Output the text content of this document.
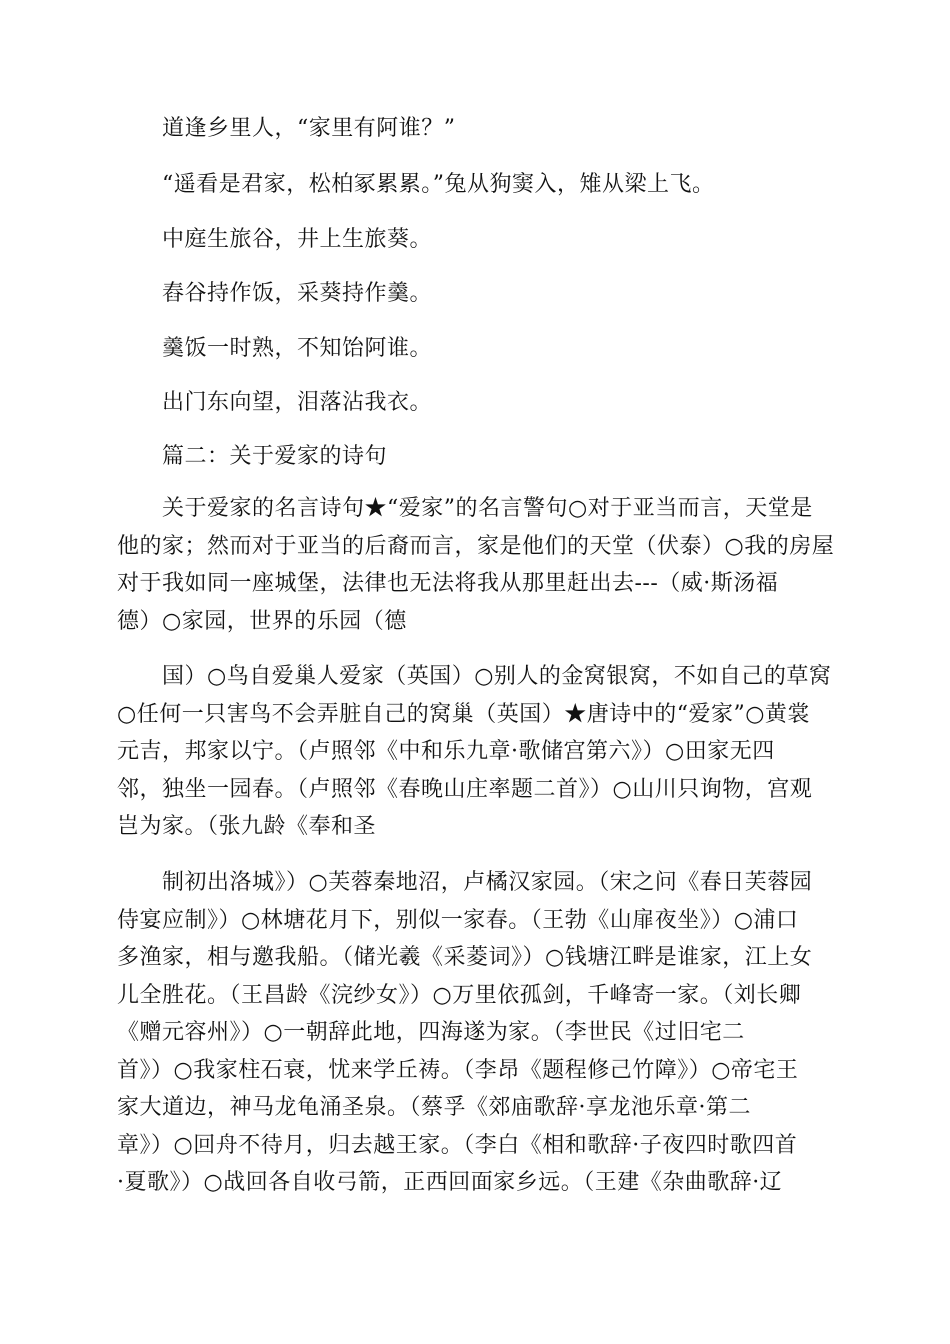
道逢乡里人，“家里有阿谁？”
“遥看是君家，松柏冢累累。”兔从狗窦入，雉从梁上飞。
中庭生旅谷，井上生旅葵。
舂谷持作饭，采葵持作羹。
羹饭一时熟，不知饴阿谁。
出门东向望，泪落沾我衣。
篇二：关于爱家的诗句
关于爱家的名言诗句★“爱家”的名言警句○对于亚当而言，天堂是
他的家；然而对于亚当的后裔而言，家是他们的天堂（伏泰）○我的房屋
对于我如同一座城堡，法律也无法将我从那里赶出去---（威·斯汤福
德）○家园，世界的乐园（德
国）○鸟自爱巢人爱家（英国）○别人的金窝银窝，不如自己的草窝
○任何一只害鸟不会弄脏自己的窝巢（英国）★唐诗中的“爱家”○黄裳
元吉，邦家以宁。（卢照邻《中和乐九章·歌储宫第六》）○田家无四
邻，独坐一园春。（卢照邻《春晚山庄率题二首》）○山川只询物，宫观
岂为家。（张九龄《奉和圣
制初出洛城》）○芙蓉秦地沼，卢橘汉家园。（宋之问《春日芙蓉园
侍宴应制》）○林塘花月下，别似一家春。（王勃《山扉夜坐》）○浦口
多渔家，相与邀我船。（储光羲《采菱词》）○钱塘江畔是谁家，江上女
儿全胜花。（王昌龄《浣纱女》）○万里依孤剑，千峰寄一家。（刘长卿
《赠元容州》）○一朝辞此地，四海遂为家。（李世民《过旧宅二
首》）○我家柱石衰，忧来学丘祷。（李昂《题程修己竹障》）○帝宅王
家大道边，神马龙龟涌圣泉。（蔡孚《郊庙歌辞·享龙池乐章·第二
章》）○回舟不待月，归去越王家。（李白《相和歌辞·子夜四时歌四首
·夏歌》）○战回各自收弓箭，正西回面家乡远。（王建《杂曲歌辞·辽
